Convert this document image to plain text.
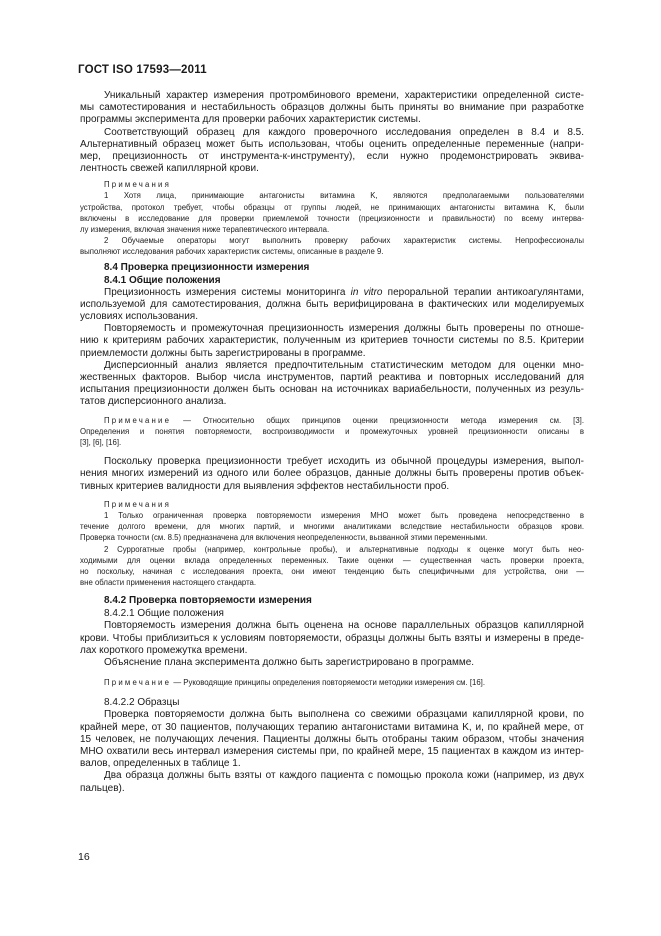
ГОСТ ISO 17593—2011
Уникальный характер измерения протромбинового времени, характеристики определенной систе-
мы самотестирования и нестабильность образцов должны быть приняты во внимание при разработке
программы эксперимента для проверки рабочих характеристик системы.
Соответствующий образец для каждого проверочного исследования определен в 8.4 и 8.5.
Альтернативный образец может быть использован, чтобы оценить определенные переменные (напри-
мер, прецизионность от инструмента-к-инструменту), если нужно продемонстрировать эквива-
лентность свежей капиллярной крови.
Примечания
1 Хотя лица, принимающие антагонисты витамина K, являются предполагаемыми пользователями
устройства, протокол требует, чтобы образцы от группы людей, не принимающих антагонисты витамина K, были
включены в исследование для проверки приемлемой точности (прецизионности и правильности) по всему интерва-
лу измерения, включая значения ниже терапевтического интервала.
2 Обучаемые операторы могут выполнить проверку рабочих характеристик системы. Непрофессионалы
выполняют исследования рабочих характеристик системы, описанные в разделе 9.
8.4 Проверка прецизионности измерения
8.4.1 Общие положения
Прецизионность измерения системы мониторинга in vitro пероральной терапии антикоагулянтами,
используемой для самотестирования, должна быть верифицирована в фактических или моделируемых
условиях использования.
Повторяемость и промежуточная прецизионность измерения должны быть проверены по отноше-
нию к критериям рабочих характеристик, полученным из критериев точности системы по 8.5. Критерии
приемлемости должны быть зарегистрированы в программе.
Дисперсионный анализ является предпочтительным статистическим методом для оценки мно-
жественных факторов. Выбор числа инструментов, партий реактива и повторных исследований для
испытания прецизионности должен быть основан на источниках вариабельности, полученных из резуль-
татов дисперсионного анализа.
Примечание — Относительно общих принципов оценки прецизионности метода измерения см. [3].
Определения и понятия повторяемости, воспроизводимости и промежуточных уровней прецизионности описаны в
[3], [6], [16].
Поскольку проверка прецизионности требует исходить из обычной процедуры измерения, выпол-
нения многих измерений из одного или более образцов, данные должны быть проверены против объек-
тивных критериев валидности для выявления эффектов нестабильности проб.
Примечания
1 Только ограниченная проверка повторяемости измерения МНО может быть проведена непосредственно в
течение долгого времени, для многих партий, и многими аналитиками вследствие нестабильности образцов крови.
Проверка точности (см. 8.5) предназначена для включения неопределенности, вызванной этими переменными.
2 Суррогатные пробы (например, контрольные пробы), и альтернативные подходы к оценке могут быть нео-
ходимыми для оценки вклада определенных переменных. Такие оценки — существенная часть проверки проекта,
но поскольку, начиная с исследования проекта, они имеют тенденцию быть специфичными для устройства, они —
вне области применения настоящего стандарта.
8.4.2 Проверка повторяемости измерения
8.4.2.1 Общие положения
Повторяемость измерения должна быть оценена на основе параллельных образцов капиллярной
крови. Чтобы приблизиться к условиям повторяемости, образцы должны быть взяты и измерены в преде-
лах короткого промежутка времени.
Объяснение плана эксперимента должно быть зарегистрировано в программе.
Примечание — Руководящие принципы определения повторяемости методики измерения см. [16].
8.4.2.2 Образцы
Проверка повторяемости должна быть выполнена со свежими образцами капиллярной крови, по
крайней мере, от 30 пациентов, получающих терапию антагонистами витамина K, и, по крайней мере, от
15 человек, не получающих лечения. Пациенты должны быть отобраны таким образом, чтобы значения
МНО охватили весь интервал измерения системы при, по крайней мере, 15 пациентах в каждом из интер-
валов, определенных в таблице 1.
Два образца должны быть взяты от каждого пациента с помощью прокола кожи (например, из двух
пальцев).
16
